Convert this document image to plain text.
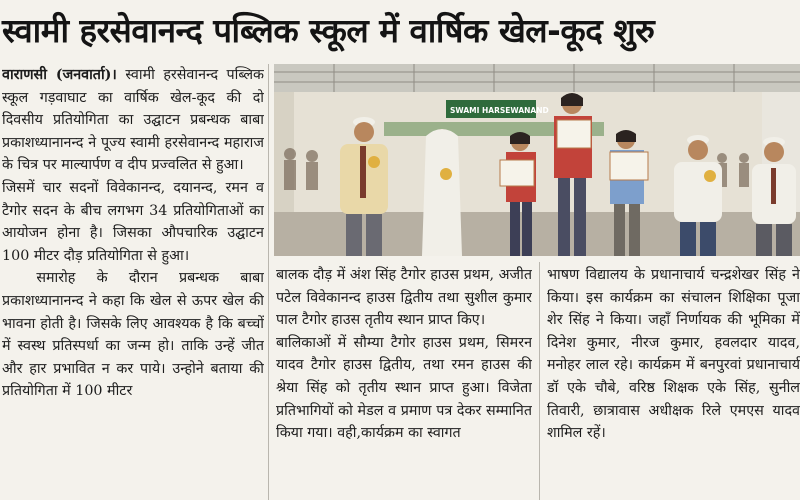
स्वामी हरसेवानन्द पब्लिक स्कूल में वार्षिक खेल-कूद शुरु

वाराणसी (जनवार्ता)। स्वामी हरसेवानन्द पब्लिक स्कूल गड़वाघाट का वार्षिक खेल-कूद की दो दिवसीय प्रतियोगिता का उद्घाटन प्रबन्धक बाबा प्रकाशध्यानानन्द ने पूज्य स्वामी हरसेवानन्द महाराज के चित्र पर माल्यार्पण व दीप प्रज्वलित से हुआ।

जिसमें चार सदनों विवेकानन्द, दयानन्द, रमन व टैगोर सदन के बीच लगभग 34 प्रतियोगिताओं का आयोजन होना है। जिसका औपचारिक उद्घाटन 100 मीटर दौड़ प्रतियोगिता से हुआ।

समारोह के दौरान प्रबन्धक बाबा प्रकाशध्यानानन्द ने कहा कि खेल से ऊपर खेल की भावना होती है। जिसके लिए आवश्यक है कि बच्चों में स्वस्थ प्रतिस्पर्धा का जन्म हो। ताकि उन्हें जीत और हार प्रभावित न कर पाये। उन्होने बताया की प्रतियोगिता में 100 मीटर

SWAMI HARSEWANAND

बालक दौड़ में अंश सिंह टैगोर हाउस प्रथम, अजीत पटेल विवेकानन्द हाउस द्वितीय तथा सुशील कुमार पाल टैगोर हाउस तृतीय स्थान प्राप्त किए।

बालिकाओं में सौम्या टैगोर हाउस प्रथम, सिमरन यादव टैगोर हाउस द्वितीय, तथा रमन हाउस की श्रेया सिंह को तृतीय स्थान प्राप्त हुआ। विजेता प्रतिभागियों को मेडल व प्रमाण पत्र देकर सम्मानित किया गया। वही,कार्यक्रम का स्वागत

भाषण विद्यालय के प्रधानाचार्य चन्द्रशेखर सिंह ने किया। इस कार्यक्रम का संचालन शिक्षिका पूजा शेर सिंह ने किया। जहाँ निर्णायक की भूमिका में दिनेश कुमार, नीरज कुमार, हवलदार यादव, मनोहर लाल रहे। कार्यक्रम में बनपुरवां प्रधानाचार्य डॉ एके चौबे, वरिष्ठ शिक्षक एके सिंह, सुनील तिवारी, छात्रावास अधीक्षक रिले एमएस यादव शामिल रहें।
